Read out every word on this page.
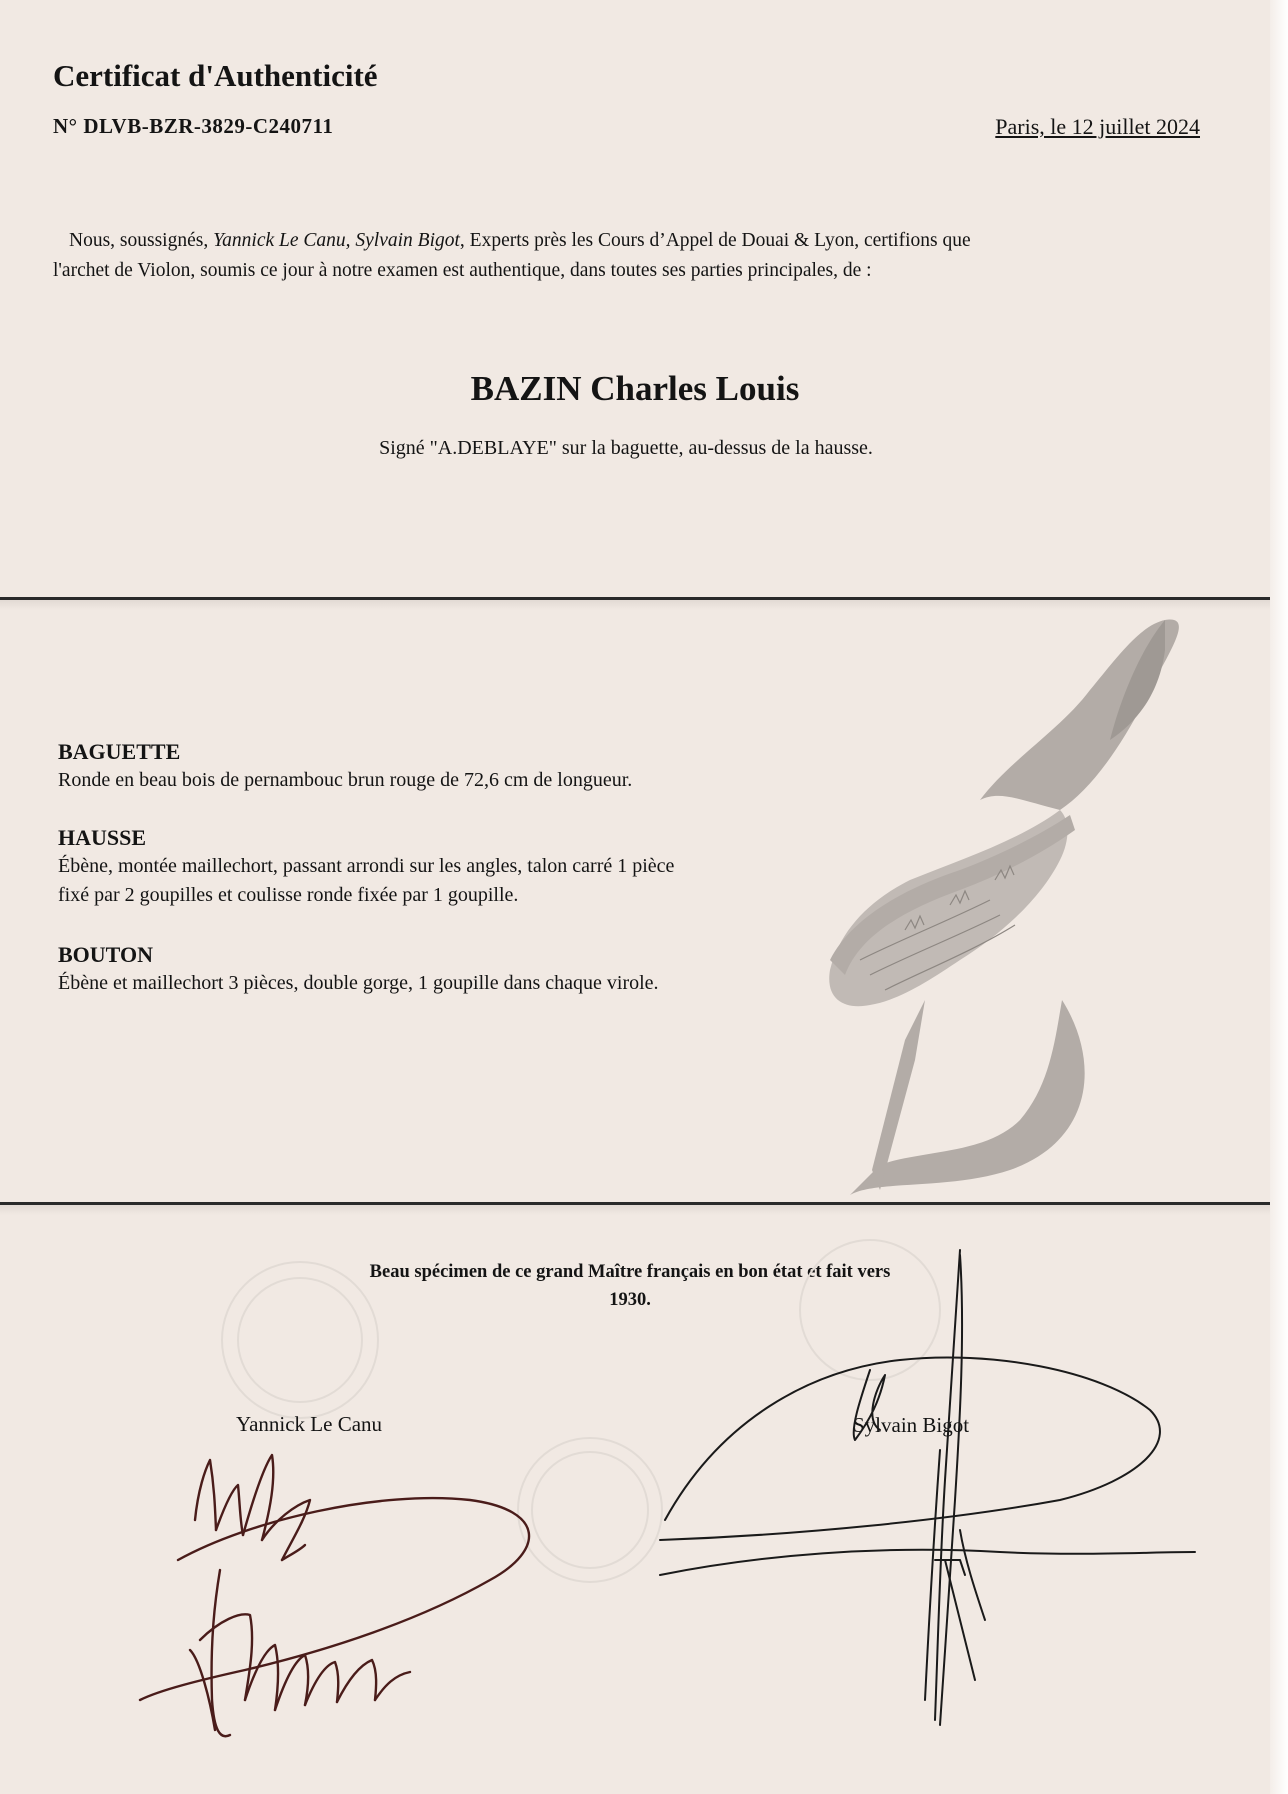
Certificat d'Authenticité
N° DLVB-BZR-3829-C240711	Paris, le 12 juillet 2024
Nous, soussignés, Yannick Le Canu, Sylvain Bigot, Experts près les Cours d’Appel de Douai & Lyon, certifions que
l'archet de Violon, soumis ce jour à notre examen est authentique, dans toutes ses parties principales, de :
BAZIN Charles Louis
Signé "A.DEBLAYE" sur la baguette, au-dessus de la hausse.
BAGUETTE
Ronde en beau bois de pernambouc brun rouge de 72,6 cm de longueur.
HAUSSE
Ébène, montée maillechort, passant arrondi sur les angles, talon carré 1 pièce
fixé par 2 goupilles et coulisse ronde fixée par 1 goupille.
BOUTON
Ébène et maillechort 3 pièces, double gorge, 1 goupille dans chaque virole.
Beau spécimen de ce grand Maître français en bon état et fait vers
1930.
Yannick Le Canu	Sylvain Bigot
